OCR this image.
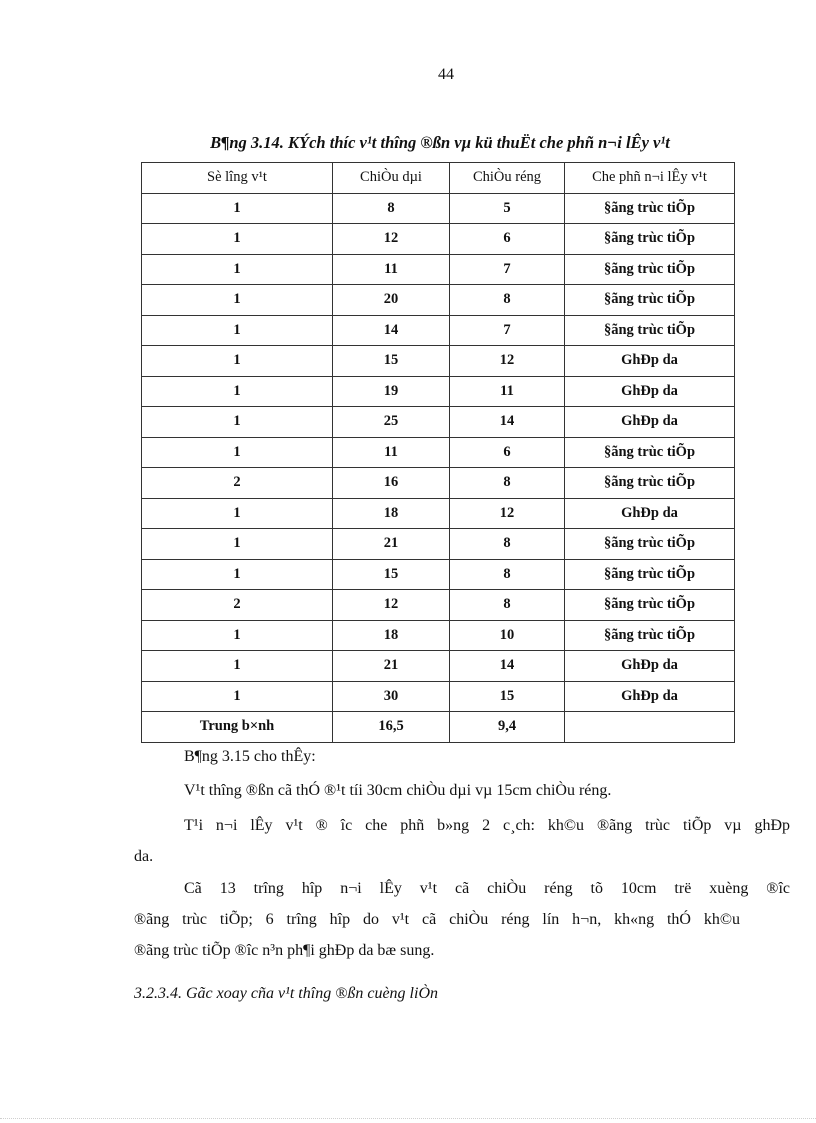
44
B¶ng 3.14. KÝch thíc v¹t thîng ®ßn vµ kü thuËt che phñ n¬i lÊy v¹t
Sè lîng v¹t	ChiÒu dµi	ChiÒu réng	Che phñ n¬i lÊy v¹t
1	8	5	§ãng trùc tiÕp
1	12	6	§ãng trùc tiÕp
1	11	7	§ãng trùc tiÕp
1	20	8	§ãng trùc tiÕp
1	14	7	§ãng trùc tiÕp
1	15	12	GhÐp da
1	19	11	GhÐp da
1	25	14	GhÐp da
1	11	6	§ãng trùc tiÕp
2	16	8	§ãng trùc tiÕp
1	18	12	GhÐp da
1	21	8	§ãng trùc tiÕp
1	15	8	§ãng trùc tiÕp
2	12	8	§ãng trùc tiÕp
1	18	10	§ãng trùc tiÕp
1	21	14	GhÐp da
1	30	15	GhÐp da
Trung b×nh	16,5	9,4	
B¶ng 3.15 cho thÊy:
V¹t thîng ®ßn cã thÓ ®¹t tíi 30cm chiÒu dµi vµ 15cm chiÒu réng.
T¹i n¬i lÊy v¹t ® îc che phñ b»ng 2 c¸ch: kh©u ®ãng trùc tiÕp vµ ghÐp
da.
Cã 13 trîng hîp n¬i lÊy v¹t cã chiÒu réng tõ 10cm trë xuèng ®îc
®ãng trùc tiÕp; 6 trîng hîp do v¹t cã chiÒu réng lín h¬n, kh«ng thÓ kh©u
®ãng trùc tiÕp ®îc n³n ph¶i ghÐp da bæ sung.
3.2.3.4. Gãc xoay cña v¹t thîng ®ßn cuèng liÒn
